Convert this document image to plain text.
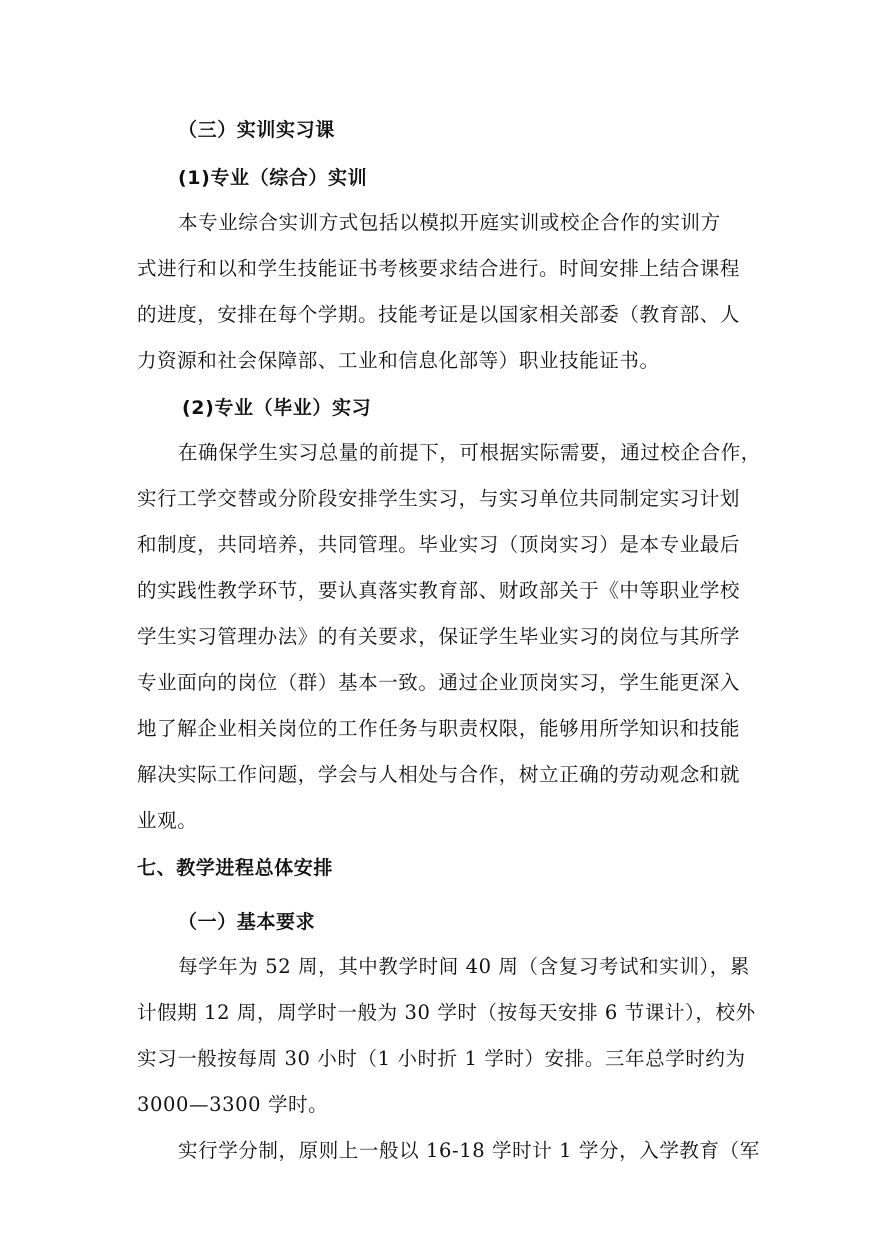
（三）实训实习课
(1)专业（综合）实训
本专业综合实训方式包括以模拟开庭实训或校企合作的实训方
式进行和以和学生技能证书考核要求结合进行。时间安排上结合课程
的进度，安排在每个学期。技能考证是以国家相关部委（教育部、人
力资源和社会保障部、工业和信息化部等）职业技能证书。
(2)专业（毕业）实习
在确保学生实习总量的前提下，可根据实际需要，通过校企合作，
实行工学交替或分阶段安排学生实习，与实习单位共同制定实习计划
和制度，共同培养，共同管理。毕业实习（顶岗实习）是本专业最后
的实践性教学环节，要认真落实教育部、财政部关于《中等职业学校
学生实习管理办法》的有关要求，保证学生毕业实习的岗位与其所学
专业面向的岗位（群）基本一致。通过企业顶岗实习，学生能更深入
地了解企业相关岗位的工作任务与职责权限，能够用所学知识和技能
解决实际工作问题，学会与人相处与合作，树立正确的劳动观念和就
业观。
七、教学进程总体安排
（一）基本要求
每学年为 52 周，其中教学时间 40 周（含复习考试和实训），累
计假期 12 周，周学时一般为 30 学时（按每天安排 6 节课计），校外
实习一般按每周 30 小时（1 小时折 1 学时）安排。三年总学时约为
3000—3300 学时。
实行学分制，原则上一般以 16-18 学时计 1 学分，入学教育（军
